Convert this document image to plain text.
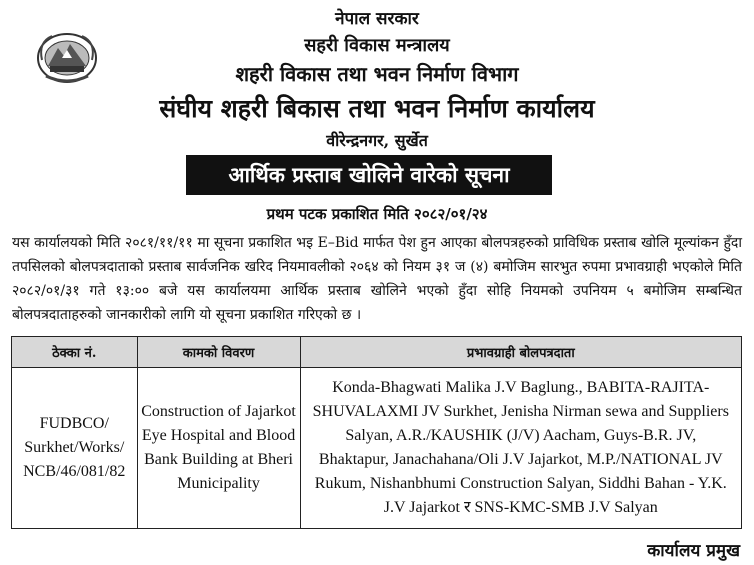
नेपाल सरकार
सहरी विकास मन्त्रालय
शहरी विकास तथा भवन निर्माण विभाग
संघीय शहरी बिकास तथा भवन निर्माण कार्यालय
वीरेन्द्रनगर, सुर्खेत
आर्थिक प्रस्ताब खोलिने वारेको सूचना
प्रथम पटक प्रकाशित मिति २०८२/०१/२४
यस कार्यालयको मिति २०८१/११/११ मा सूचना प्रकाशित भइ E–Bid मार्फत पेश हुन आएका बोलपत्रहरुको प्राविधिक प्रस्ताब खोलि मूल्यांकन हुँदा तपसिलको बोलपत्रदाताको प्रस्ताब सार्वजनिक खरिद नियमावलीको २०६४ को नियम ३१ ज (४) बमोजिम सारभुत रुपमा प्रभावग्राही भएकोले मिति २०८२/०१/३१ गते १३:०० बजे यस कार्यालयमा आर्थिक प्रस्ताब खोलिने भएको हुँदा सोहि नियमको उपनियम ५ बमोजिम सम्बन्धित बोलपत्रदाताहरुको जानकारीको लागि यो सूचना प्रकाशित गरिएको छ ।
ठेक्का नं.	कामको विवरण	प्रभावग्राही बोलपत्रदाता
FUDBCO/ Surkhet/Works/ NCB/46/081/82	Construction of Jajarkot Eye Hospital and Blood Bank Building at Bheri Municipality	Konda-Bhagwati Malika J.V Baglung., BABITA-RAJITA-SHUVALAXMI JV Surkhet, Jenisha Nirman sewa and Suppliers Salyan, A.R./KAUSHIK (J/V) Aacham, Guys-B.R. JV, Bhaktapur, Janachahana/Oli J.V Jajarkot, M.P./NATIONAL JV Rukum, Nishanbhumi Construction Salyan, Siddhi Bahan - Y.K. J.V Jajarkot र SNS-KMC-SMB J.V Salyan
कार्यालय प्रमुख
